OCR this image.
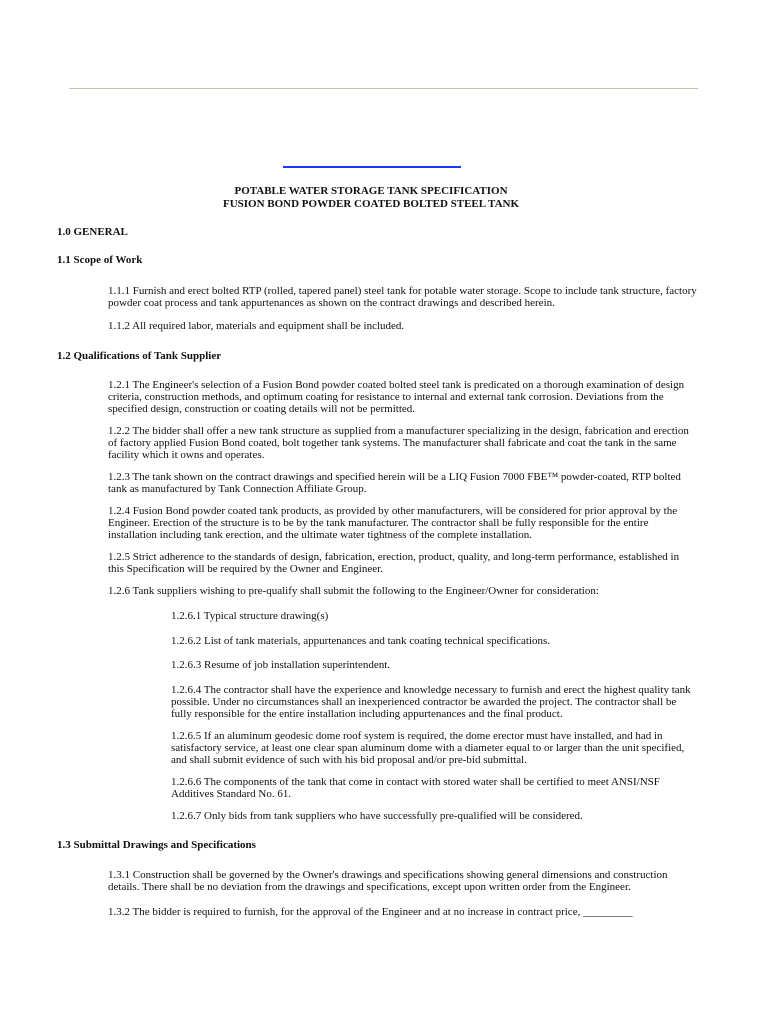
POTABLE WATER STORAGE TANK SPECIFICATION
FUSION BOND POWDER COATED BOLTED STEEL TANK
1.0 GENERAL
1.1 Scope of Work
1.1.1 Furnish and erect bolted RTP (rolled, tapered panel) steel tank for potable water storage. Scope to include tank structure, factory powder coat process and tank appurtenances as shown on the contract drawings and described herein.
1.1.2 All required labor, materials and equipment shall be included.
1.2 Qualifications of Tank Supplier
1.2.1 The Engineer's selection of a Fusion Bond powder coated bolted steel tank is predicated on a thorough examination of design criteria, construction methods, and optimum coating for resistance to internal and external tank corrosion. Deviations from the specified design, construction or coating details will not be permitted.
1.2.2 The bidder shall offer a new tank structure as supplied from a manufacturer specializing in the design, fabrication and erection of factory applied Fusion Bond coated, bolt together tank systems. The manufacturer shall fabricate and coat the tank in the same facility which it owns and operates.
1.2.3 The tank shown on the contract drawings and specified herein will be a LIQ Fusion 7000 FBE™ powder-coated, RTP bolted tank as manufactured by Tank Connection Affiliate Group.
1.2.4 Fusion Bond powder coated tank products, as provided by other manufacturers, will be considered for prior approval by the Engineer. Erection of the structure is to be by the tank manufacturer. The contractor shall be fully responsible for the entire installation including tank erection, and the ultimate water tightness of the complete installation.
1.2.5 Strict adherence to the standards of design, fabrication, erection, product, quality, and long-term performance, established in this Specification will be required by the Owner and Engineer.
1.2.6 Tank suppliers wishing to pre-qualify shall submit the following to the Engineer/Owner for consideration:
1.2.6.1 Typical structure drawing(s)
1.2.6.2 List of tank materials, appurtenances and tank coating technical specifications.
1.2.6.3 Resume of job installation superintendent.
1.2.6.4 The contractor shall have the experience and knowledge necessary to furnish and erect the highest quality tank possible. Under no circumstances shall an inexperienced contractor be awarded the project. The contractor shall be fully responsible for the entire installation including appurtenances and the final product.
1.2.6.5 If an aluminum geodesic dome roof system is required, the dome erector must have installed, and had in satisfactory service, at least one clear span aluminum dome with a diameter equal to or larger than the unit specified, and shall submit evidence of such with his bid proposal and/or pre-bid submittal.
1.2.6.6 The components of the tank that come in contact with stored water shall be certified to meet ANSI/NSF Additives Standard No. 61.
1.2.6.7 Only bids from tank suppliers who have successfully pre-qualified will be considered.
1.3 Submittal Drawings and Specifications
1.3.1 Construction shall be governed by the Owner's drawings and specifications showing general dimensions and construction details. There shall be no deviation from the drawings and specifications, except upon written order from the Engineer.
1.3.2 The bidder is required to furnish, for the approval of the Engineer and at no increase in contract price, _________
